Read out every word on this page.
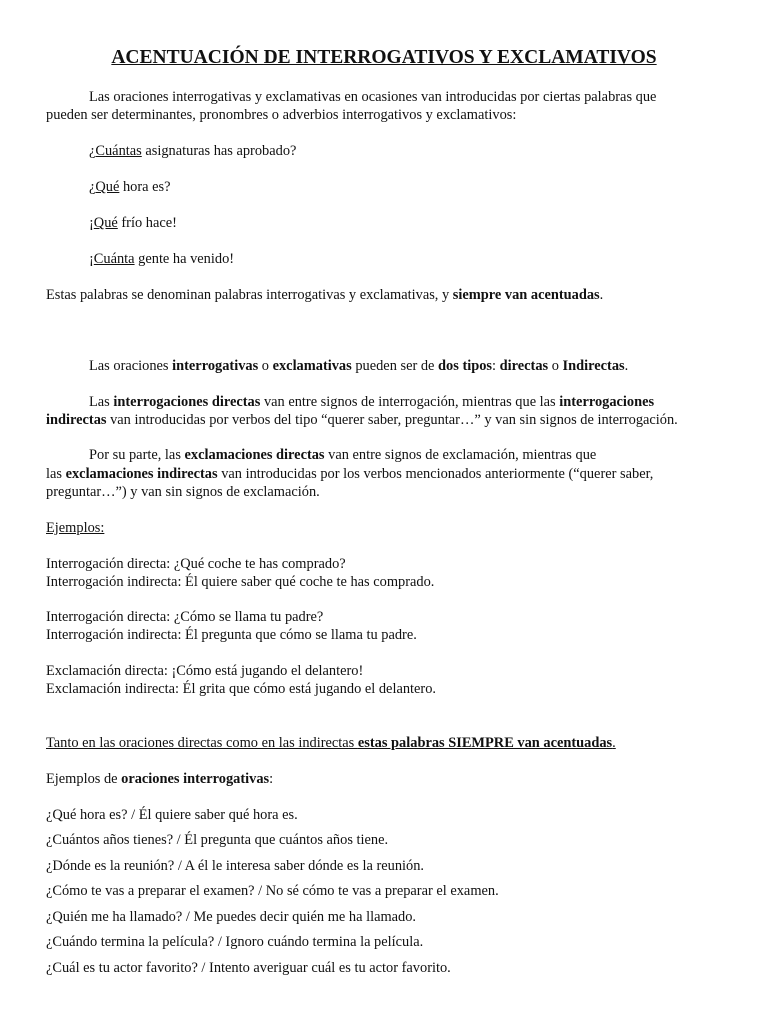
ACENTUACIÓN DE INTERROGATIVOS Y EXCLAMATIVOS
Las oraciones interrogativas y exclamativas en ocasiones van introducidas por ciertas palabras que
pueden ser determinantes, pronombres o adverbios interrogativos y exclamativos:
¿Cuántas asignaturas has aprobado?
¿Qué hora es?
¡Qué frío hace!
¡Cuánta gente ha venido!
Estas palabras se denominan palabras interrogativas y exclamativas, y siempre van acentuadas.
Las oraciones interrogativas o exclamativas pueden ser de dos tipos: directas o Indirectas.
Las interrogaciones directas van entre signos de interrogación, mientras que las interrogaciones
indirectas van introducidas por verbos del tipo “querer saber, preguntar…” y van sin signos de interrogación.
Por su parte, las exclamaciones directas van entre signos de exclamación, mientras que
las exclamaciones indirectas van introducidas por los verbos mencionados anteriormente (“querer saber,
preguntar…”) y van sin signos de exclamación.
Ejemplos:
Interrogación directa: ¿Qué coche te has comprado?
Interrogación indirecta: Él quiere saber qué coche te has comprado.
Interrogación directa: ¿Cómo se llama tu padre?
Interrogación indirecta: Él pregunta que cómo se llama tu padre.
Exclamación directa: ¡Cómo está jugando el delantero!
Exclamación indirecta: Él grita que cómo está jugando el delantero.
Tanto en las oraciones directas como en las indirectas estas palabras SIEMPRE van acentuadas.
Ejemplos de oraciones interrogativas:
¿Qué hora es? / Él quiere saber qué hora es.
¿Cuántos años tienes? / Él pregunta que cuántos años tiene.
¿Dónde es la reunión? / A él le interesa saber dónde es la reunión.
¿Cómo te vas a preparar el examen? / No sé cómo te vas a preparar el examen.
¿Quién me ha llamado? / Me puedes decir quién me ha llamado.
¿Cuándo termina la película? / Ignoro cuándo termina la película.
¿Cuál es tu actor favorito? / Intento averiguar cuál es tu actor favorito.
